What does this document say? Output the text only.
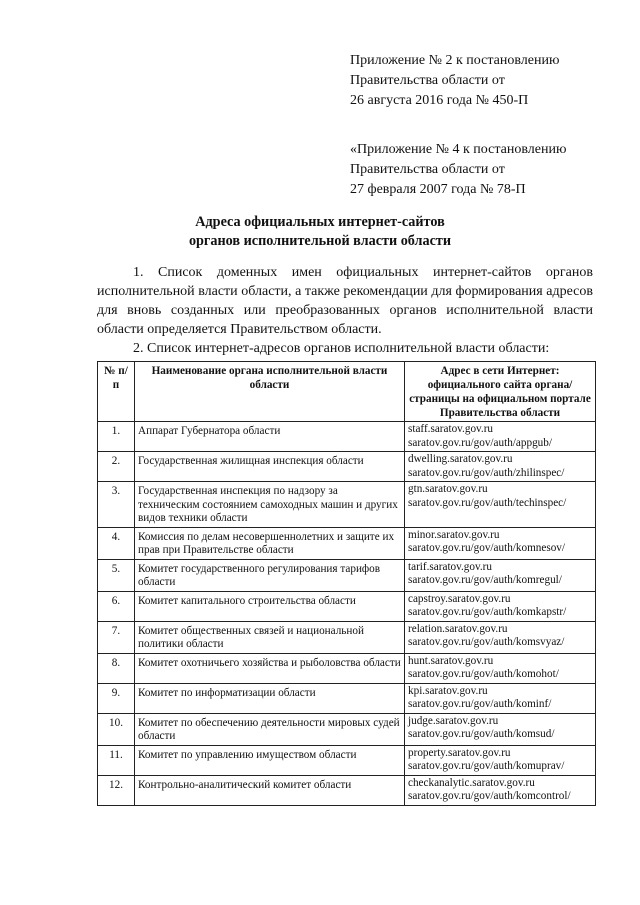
Приложение № 2 к постановлению
Правительства области от
26 августа 2016 года № 450-П
«Приложение № 4 к постановлению
Правительства области от
27 февраля 2007 года № 78-П
Адреса официальных интернет-сайтов
органов исполнительной власти области
1. Список доменных имен официальных интернет-сайтов органов исполнительной власти области, а также рекомендации для формирования адресов для вновь созданных или преобразованных органов исполнительной власти области определяется Правительством области.
2. Список интернет-адресов органов исполнительной власти области:
№ п/п	Наименование органа исполнительной власти области	Адрес в сети Интернет: официального сайта органа/ страницы на официальном портале Правительства области
1.	Аппарат Губернатора области	staff.saratov.gov.ru
saratov.gov.ru/gov/auth/appgub/

2.	Государственная жилищная инспекция области	dwelling.saratov.gov.ru
saratov.gov.ru/gov/auth/zhilinspec/

3.	Государственная инспекция по надзору за техническим состоянием самоходных машин и других видов техники области	gtn.saratov.gov.ru
saratov.gov.ru/gov/auth/techinspec/

4.	Комиссия по делам несовершеннолетних и защите их прав при Правительстве области	minor.saratov.gov.ru
saratov.gov.ru/gov/auth/komnesov/

5.	Комитет государственного регулирования тарифов области	tarif.saratov.gov.ru
saratov.gov.ru/gov/auth/komregul/

6.	Комитет капитального строительства области	capstroy.saratov.gov.ru
saratov.gov.ru/gov/auth/komkapstr/

7.	Комитет общественных связей и национальной политики области	relation.saratov.gov.ru
saratov.gov.ru/gov/auth/komsvyaz/

8.	Комитет охотничьего хозяйства и рыболовства области	hunt.saratov.gov.ru
saratov.gov.ru/gov/auth/komohot/

9.	Комитет по информатизации области	kpi.saratov.gov.ru
saratov.gov.ru/gov/auth/kominf/

10.	Комитет по обеспечению деятельности мировых судей области	judge.saratov.gov.ru
saratov.gov.ru/gov/auth/komsud/

11.	Комитет по управлению имуществом области	property.saratov.gov.ru
saratov.gov.ru/gov/auth/komuprav/

12.	Контрольно-аналитический комитет области	checkanalytic.saratov.gov.ru
saratov.gov.ru/gov/auth/komcontrol/
